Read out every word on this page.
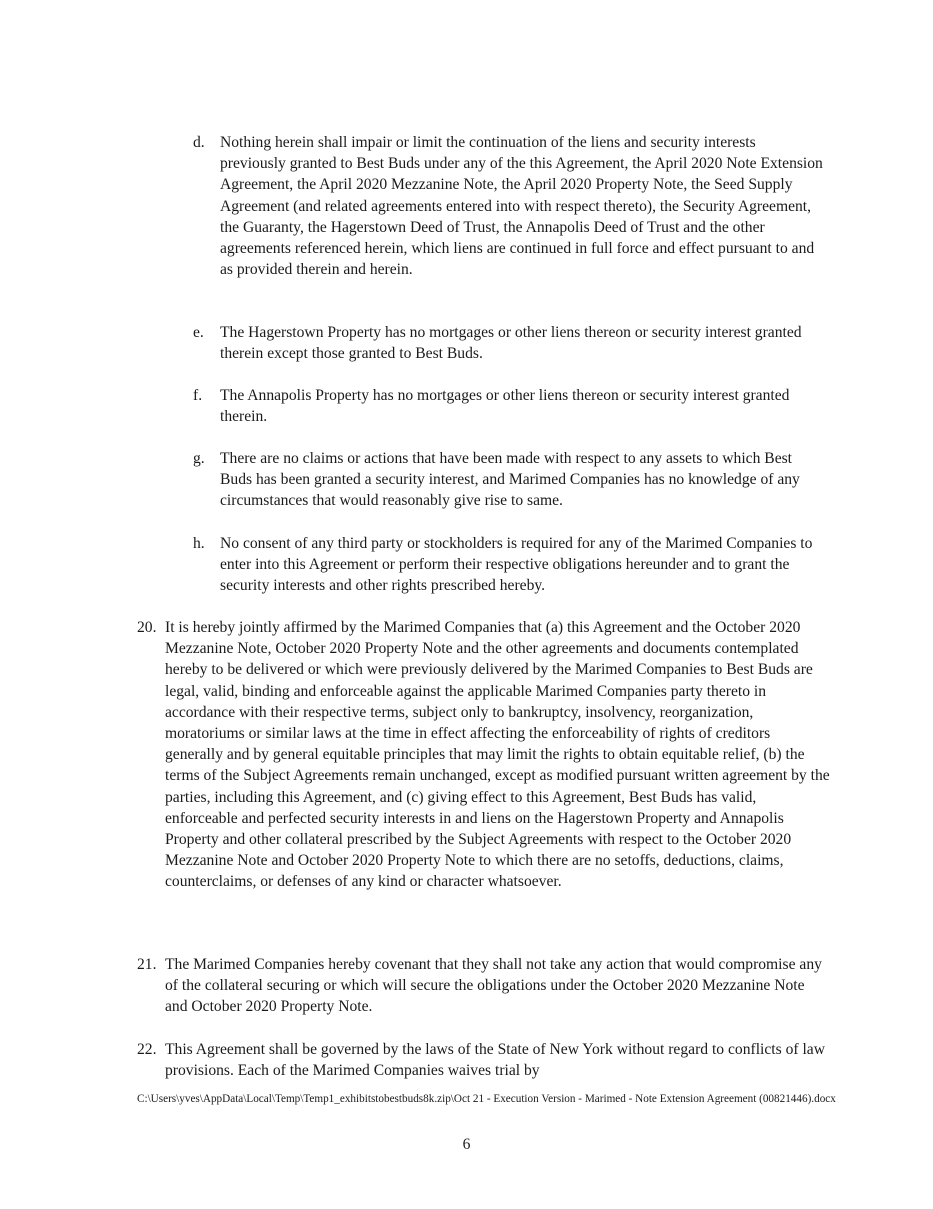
d. Nothing herein shall impair or limit the continuation of the liens and security interests previously granted to Best Buds under any of the this Agreement, the April 2020 Note Extension Agreement, the April 2020 Mezzanine Note, the April 2020 Property Note, the Seed Supply Agreement (and related agreements entered into with respect thereto), the Security Agreement, the Guaranty, the Hagerstown Deed of Trust, the Annapolis Deed of Trust and the other agreements referenced herein, which liens are continued in full force and effect pursuant to and as provided therein and herein.
e.	The Hagerstown Property has no mortgages or other liens thereon or security interest granted therein except those granted to Best Buds.
f.	The Annapolis Property has no mortgages or other liens thereon or security interest granted therein.
g. There are no claims or actions that have been made with respect to any assets to which Best Buds has been granted a security interest, and Marimed Companies has no knowledge of any circumstances that would reasonably give rise to same.
h. No consent of any third party or stockholders is required for any of the Marimed Companies to enter into this Agreement or perform their respective obligations hereunder and to grant the security interests and other rights prescribed hereby.
20. It is hereby jointly affirmed by the Marimed Companies that (a) this Agreement and the October 2020 Mezzanine Note, October 2020 Property Note and the other agreements and documents contemplated hereby to be delivered or which were previously delivered by the Marimed Companies to Best Buds are legal, valid, binding and enforceable against the applicable Marimed Companies party thereto in accordance with their respective terms, subject only to bankruptcy, insolvency, reorganization, moratoriums or similar laws at the time in effect affecting the enforceability of rights of creditors generally and by general equitable principles that may limit the rights to obtain equitable relief, (b) the terms of the Subject Agreements remain unchanged, except as modified pursuant written agreement by the parties, including this Agreement, and (c) giving effect to this Agreement, Best Buds has valid, enforceable and perfected security interests in and liens on the Hagerstown Property and Annapolis Property and other collateral prescribed by the Subject Agreements with respect to the October 2020 Mezzanine Note and October 2020 Property Note to which there are no setoffs, deductions, claims, counterclaims, or defenses of any kind or character whatsoever.
21. The Marimed Companies hereby covenant that they shall not take any action that would compromise any of the collateral securing or which will secure the obligations under the October 2020 Mezzanine Note and October 2020 Property Note.
22. This Agreement shall be governed by the laws of the State of New York without regard to conflicts of law provisions. Each of the Marimed Companies waives trial by
C:\Users\yves\AppData\Local\Temp\Temp1_exhibitstobestbuds8k.zip\Oct 21 - Execution Version - Marimed - Note Extension Agreement (00821446).docx
6
